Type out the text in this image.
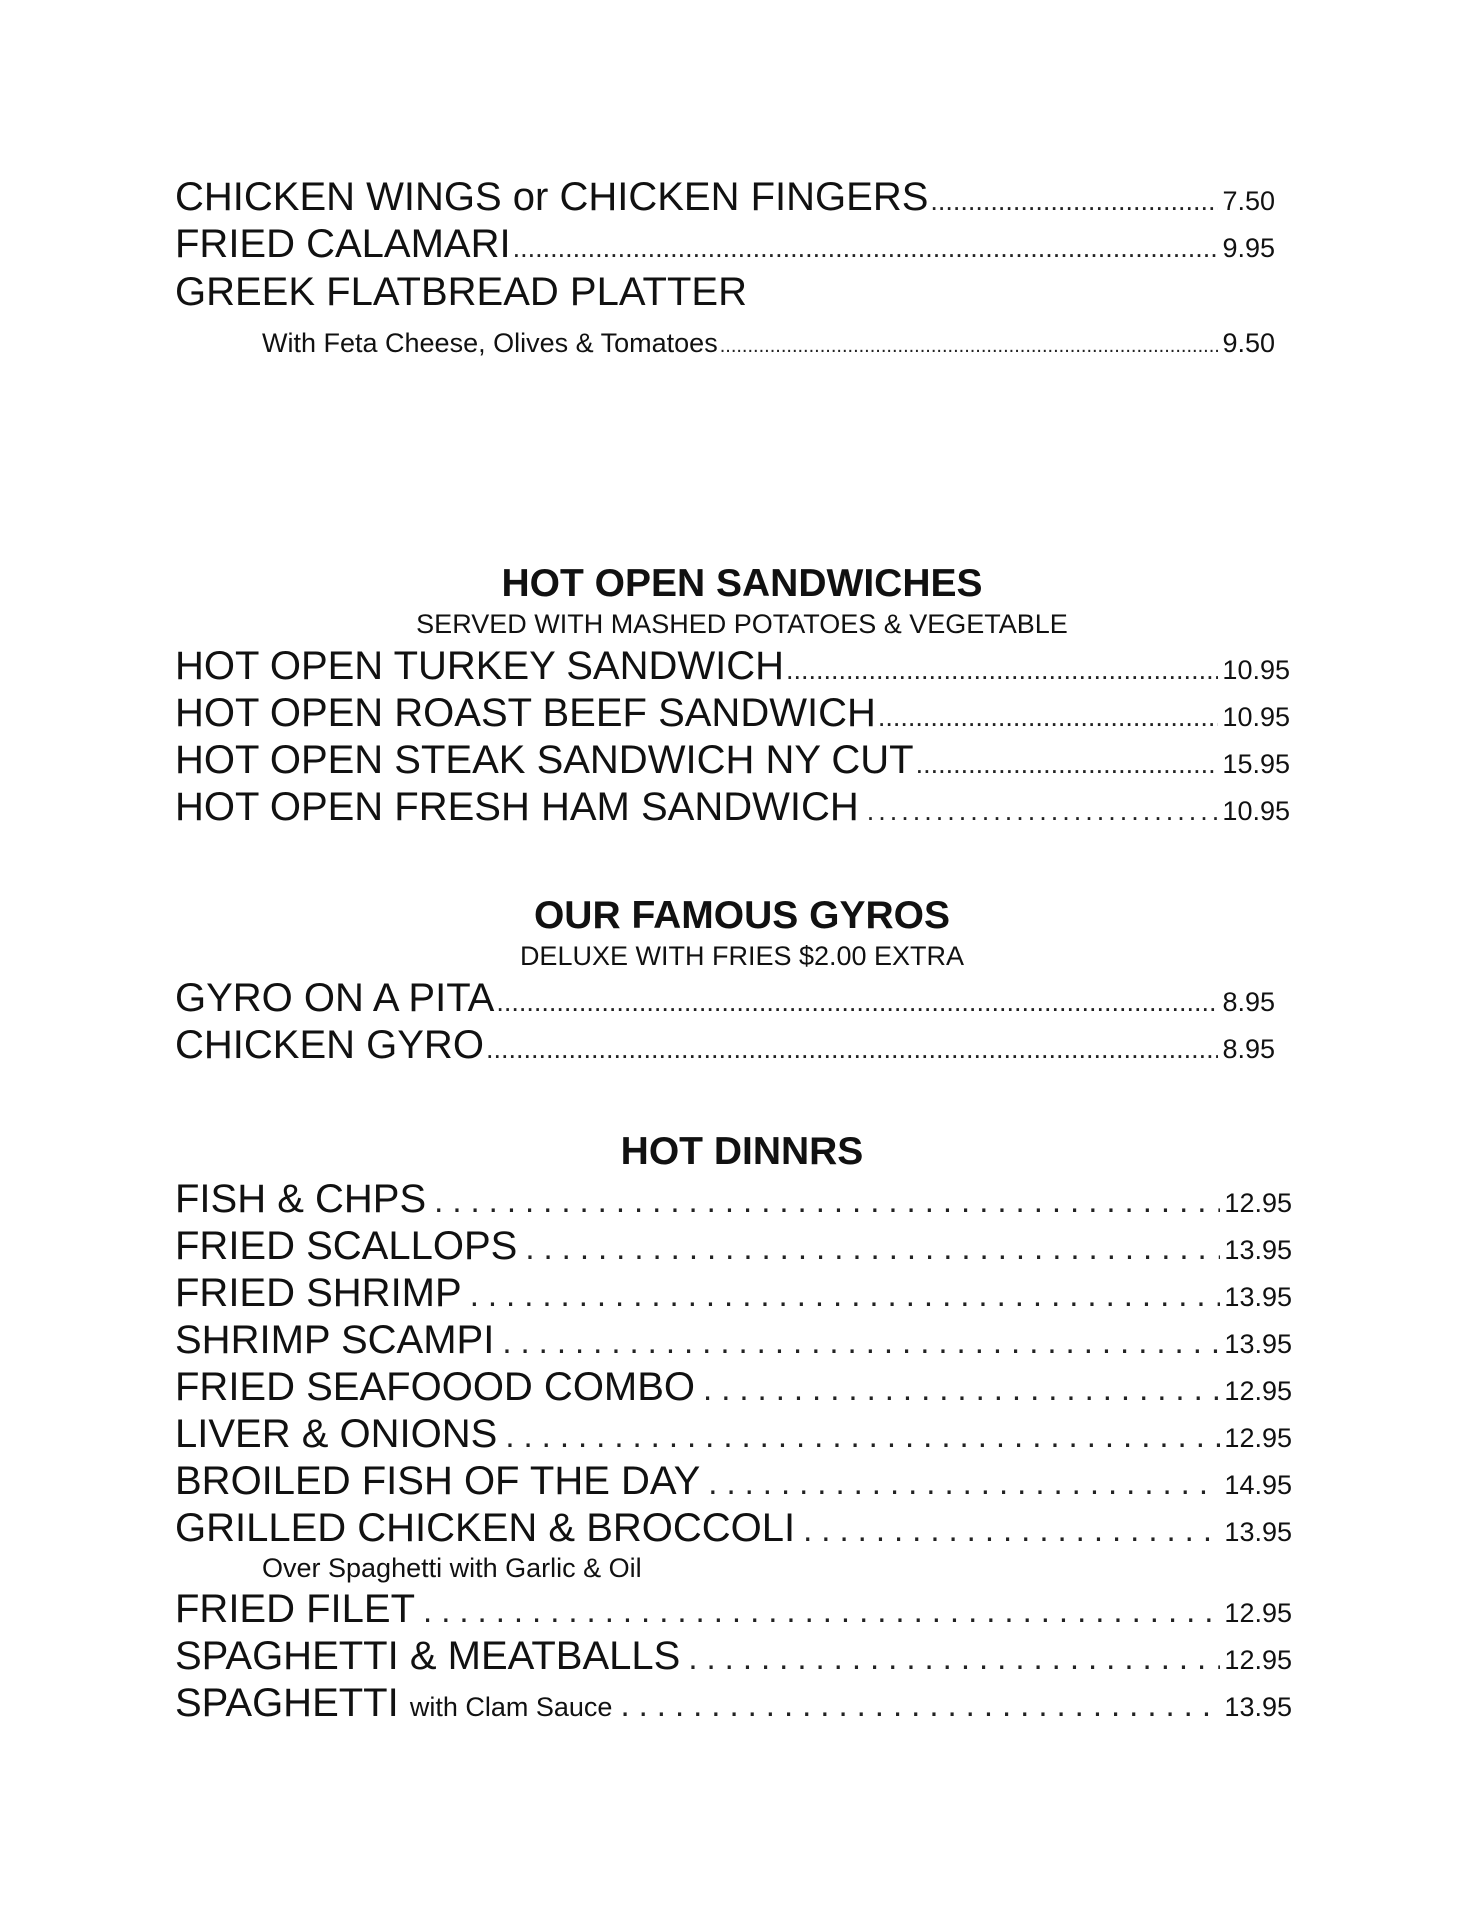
CHICKEN WINGS or CHICKEN FINGERS .....	7.50
FRIED CALAMARI .....	9.95
GREEK FLATBREAD PLATTER
With Feta Cheese, Olives & Tomatoes .....	9.50
HOT OPEN SANDWICHES
SERVED WITH MASHED POTATOES & VEGETABLE
HOT OPEN TURKEY SANDWICH .....	10.95
HOT OPEN ROAST BEEF SANDWICH .....	10.95
HOT OPEN STEAK SANDWICH NY CUT .....	15.95
HOT OPEN FRESH HAM SANDWICH .....	10.95
OUR FAMOUS GYROS
DELUXE WITH FRIES $2.00 EXTRA
GYRO ON A PITA .....	8.95
CHICKEN GYRO .....	8.95
HOT DINNRS
FISH & CHPS .....	12.95
FRIED SCALLOPS .....	13.95
FRIED SHRIMP .....	13.95
SHRIMP SCAMPI .....	13.95
FRIED SEAFOOOD COMBO .....	12.95
LIVER & ONIONS .....	12.95
BROILED FISH OF THE DAY .....	14.95
GRILLED CHICKEN & BROCCOLI .....	13.95
Over Spaghetti with Garlic & Oil
FRIED FILET .....	12.95
SPAGHETTI & MEATBALLS .....	12.95
SPAGHETTI with Clam Sauce .....	13.95
